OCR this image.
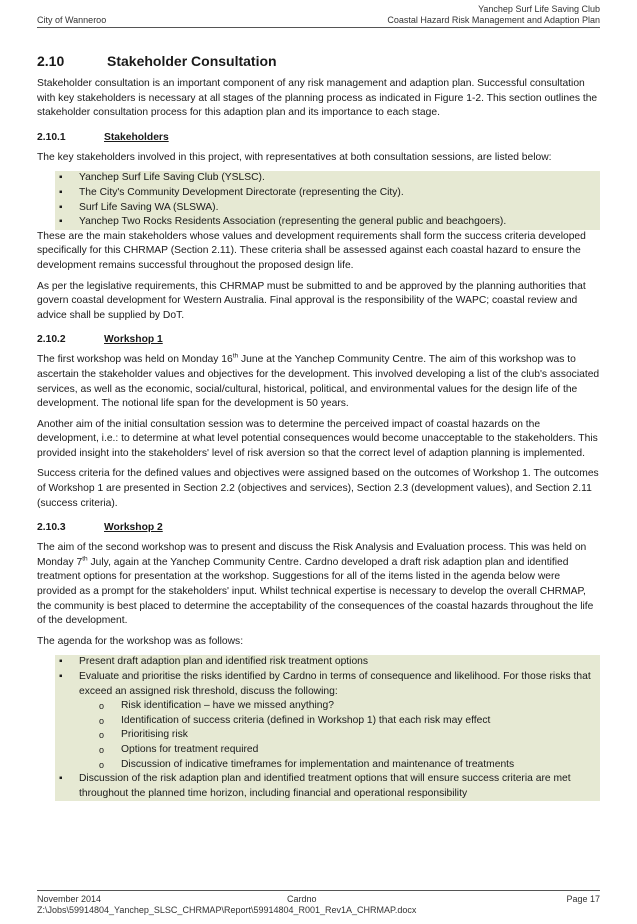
Yanchep Surf Life Saving Club
Coastal Hazard Risk Management and Adaption Plan
City of Wanneroo
2.10	Stakeholder Consultation

Stakeholder consultation is an important component of any risk management and adaption plan. Successful consultation with key stakeholders is necessary at all stages of the planning process as indicated in Figure 1-2. This section outlines the stakeholder consultation process for this adaption plan and its importance to each stage.

2.10.1	Stakeholders

The key stakeholders involved in this project, with representatives at both consultation sessions, are listed below:

▪ Yanchep Surf Life Saving Club (YSLSC).
▪ The City's Community Development Directorate (representing the City).
▪ Surf Life Saving WA (SLSWA).
▪ Yanchep Two Rocks Residents Association (representing the general public and beachgoers).

These are the main stakeholders whose values and development requirements shall form the success criteria developed specifically for this CHRMAP (Section 2.11). These criteria shall be assessed against each coastal hazard to ensure the development remains successful throughout the proposed design life.

As per the legislative requirements, this CHRMAP must be submitted to and be approved by the planning authorities that govern coastal development for Western Australia. Final approval is the responsibility of the WAPC; coastal review and advice shall be supplied by DoT.

2.10.2	Workshop 1

The first workshop was held on Monday 16th June at the Yanchep Community Centre. The aim of this workshop was to ascertain the stakeholder values and objectives for the development. This involved developing a list of the club's associated services, as well as the economic, social/cultural, historical, political, and environmental values for the design life of the development. The notional life span for the development is 50 years.

Another aim of the initial consultation session was to determine the perceived impact of coastal hazards on the development, i.e.: to determine at what level potential consequences would become unacceptable to the stakeholders. This provided insight into the stakeholders' level of risk aversion so that the correct level of adaption planning is implemented.

Success criteria for the defined values and objectives were assigned based on the outcomes of Workshop 1. The outcomes of Workshop 1 are presented in Section 2.2 (objectives and services), Section 2.3 (development values), and Section 2.11 (success criteria).

2.10.3	Workshop 2

The aim of the second workshop was to present and discuss the Risk Analysis and Evaluation process. This was held on Monday 7th July, again at the Yanchep Community Centre. Cardno developed a draft risk adaption plan and identified treatment options for presentation at the workshop. Suggestions for all of the items listed in the agenda below were provided as a prompt for the stakeholders' input. Whilst technical expertise is necessary to develop the overall CHRMAP, the community is best placed to determine the acceptability of the consequences of the coastal hazards throughout the life of the development.

The agenda for the workshop was as follows:

▪ Present draft adaption plan and identified risk treatment options
▪ Evaluate and prioritise the risks identified by Cardno in terms of consequence and likelihood. For those risks that exceed an assigned risk threshold, discuss the following:
o Risk identification – have we missed anything?
o Identification of success criteria (defined in Workshop 1) that each risk may effect
o Prioritising risk
o Options for treatment required
o Discussion of indicative timeframes for implementation and maintenance of treatments
▪ Discussion of the risk adaption plan and identified treatment options that will ensure success criteria are met throughout the planned time horizon, including financial and operational responsibility
November 2014	Cardno	Page 17
Z:\Jobs\59914804_Yanchep_SLSC_CHRMAP\Report\59914804_R001_Rev1A_CHRMAP.docx
